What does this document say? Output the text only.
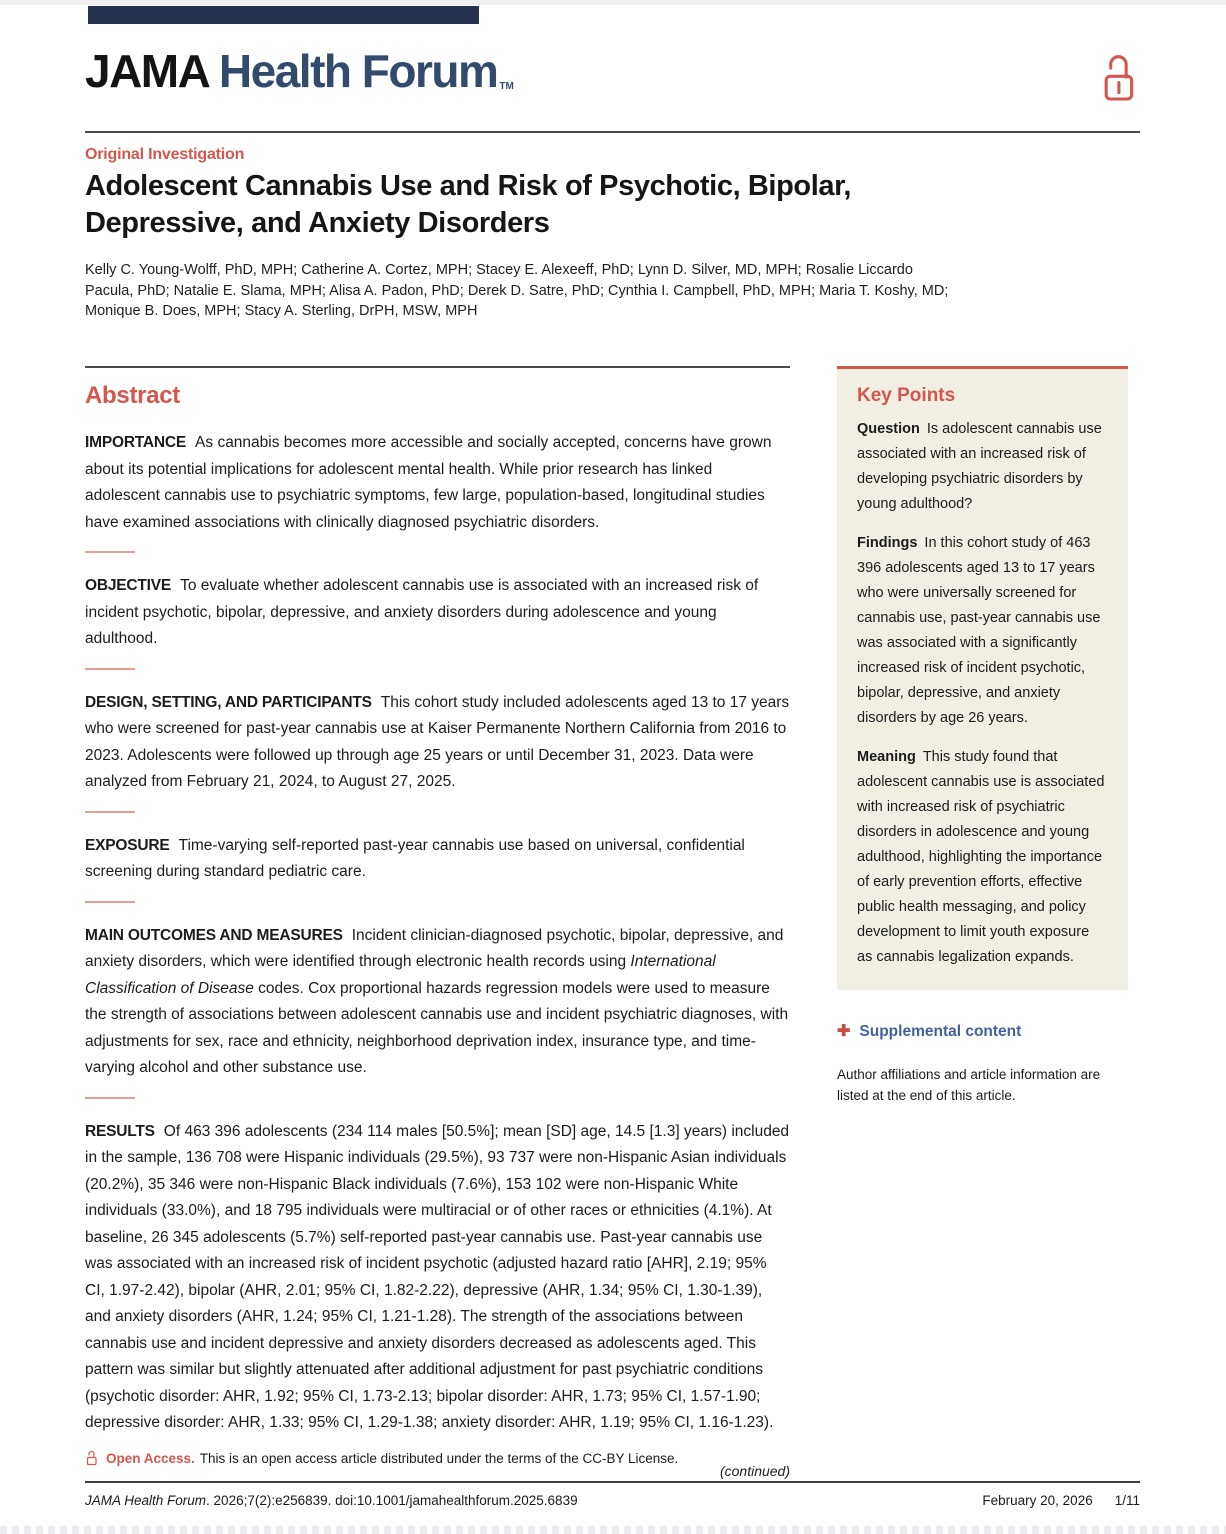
JAMA Health Forum TM
Original Investigation
Adolescent Cannabis Use and Risk of Psychotic, Bipolar, Depressive, and Anxiety Disorders
Kelly C. Young-Wolff, PhD, MPH; Catherine A. Cortez, MPH; Stacey E. Alexeeff, PhD; Lynn D. Silver, MD, MPH; Rosalie Liccardo Pacula, PhD; Natalie E. Slama, MPH; Alisa A. Padon, PhD; Derek D. Satre, PhD; Cynthia I. Campbell, PhD, MPH; Maria T. Koshy, MD; Monique B. Does, MPH; Stacy A. Sterling, DrPH, MSW, MPH
Abstract

IMPORTANCE As cannabis becomes more accessible and socially accepted, concerns have grown about its potential implications for adolescent mental health. While prior research has linked adolescent cannabis use to psychiatric symptoms, few large, population-based, longitudinal studies have examined associations with clinically diagnosed psychiatric disorders.

OBJECTIVE To evaluate whether adolescent cannabis use is associated with an increased risk of incident psychotic, bipolar, depressive, and anxiety disorders during adolescence and young adulthood.

DESIGN, SETTING, AND PARTICIPANTS This cohort study included adolescents aged 13 to 17 years who were screened for past-year cannabis use at Kaiser Permanente Northern California from 2016 to 2023. Adolescents were followed up through age 25 years or until December 31, 2023. Data were analyzed from February 21, 2024, to August 27, 2025.

EXPOSURE Time-varying self-reported past-year cannabis use based on universal, confidential screening during standard pediatric care.

MAIN OUTCOMES AND MEASURES Incident clinician-diagnosed psychotic, bipolar, depressive, and anxiety disorders, which were identified through electronic health records using International Classification of Disease codes. Cox proportional hazards regression models were used to measure the strength of associations between adolescent cannabis use and incident psychiatric diagnoses, with adjustments for sex, race and ethnicity, neighborhood deprivation index, insurance type, and time-varying alcohol and other substance use.

RESULTS Of 463 396 adolescents (234 114 males [50.5%]; mean [SD] age, 14.5 [1.3] years) included in the sample, 136 708 were Hispanic individuals (29.5%), 93 737 were non-Hispanic Asian individuals (20.2%), 35 346 were non-Hispanic Black individuals (7.6%), 153 102 were non-Hispanic White individuals (33.0%), and 18 795 individuals were multiracial or of other races or ethnicities (4.1%). At baseline, 26 345 adolescents (5.7%) self-reported past-year cannabis use. Past-year cannabis use was associated with an increased risk of incident psychotic (adjusted hazard ratio [AHR], 2.19; 95% CI, 1.97-2.42), bipolar (AHR, 2.01; 95% CI, 1.82-2.22), depressive (AHR, 1.34; 95% CI, 1.30-1.39), and anxiety disorders (AHR, 1.24; 95% CI, 1.21-1.28). The strength of the associations between cannabis use and incident depressive and anxiety disorders decreased as adolescents aged. This pattern was similar but slightly attenuated after additional adjustment for past psychiatric conditions (psychotic disorder: AHR, 1.92; 95% CI, 1.73-2.13; bipolar disorder: AHR, 1.73; 95% CI, 1.57-1.90; depressive disorder: AHR, 1.33; 95% CI, 1.29-1.38; anxiety disorder: AHR, 1.19; 95% CI, 1.16-1.23).

(continued)
Key Points

Question Is adolescent cannabis use associated with an increased risk of developing psychiatric disorders by young adulthood?

Findings In this cohort study of 463 396 adolescents aged 13 to 17 years who were universally screened for cannabis use, past-year cannabis use was associated with a significantly increased risk of incident psychotic, bipolar, depressive, and anxiety disorders by age 26 years.

Meaning This study found that adolescent cannabis use is associated with increased risk of psychiatric disorders in adolescence and young adulthood, highlighting the importance of early prevention efforts, effective public health messaging, and policy development to limit youth exposure as cannabis legalization expands.

✚ Supplemental content
Author affiliations and article information are listed at the end of this article.
Open Access. This is an open access article distributed under the terms of the CC-BY License.
JAMA Health Forum. 2026;7(2):e256839. doi:10.1001/jamahealthforum.2025.6839	February 20, 2026 1/11
